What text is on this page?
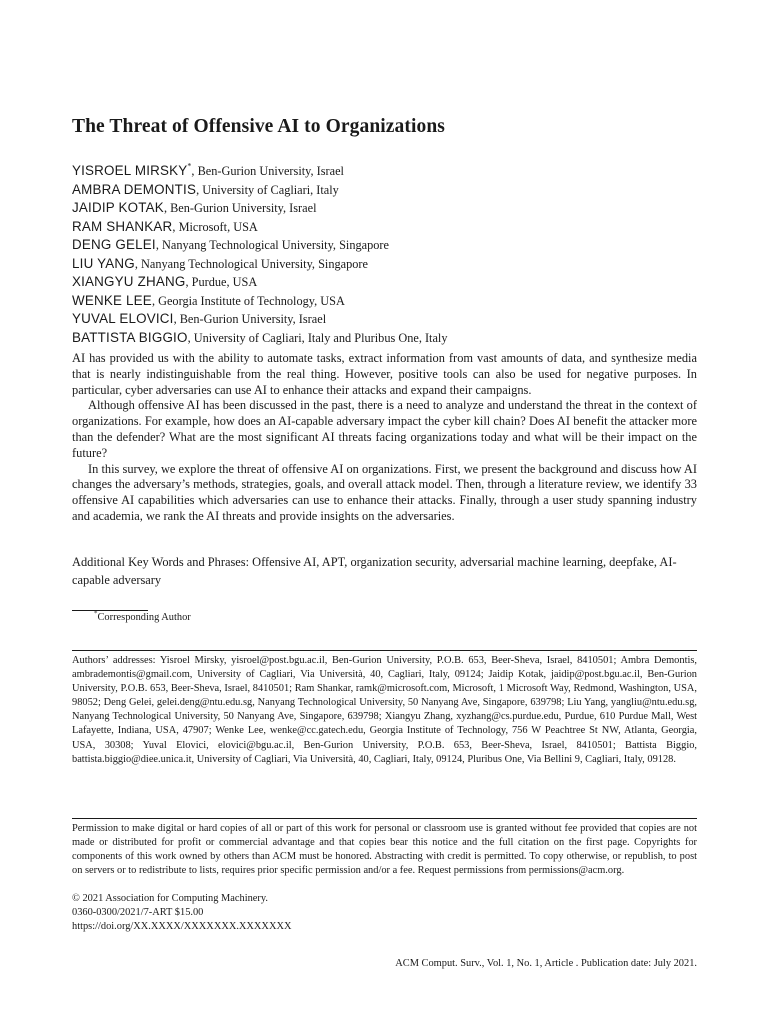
The Threat of Offensive AI to Organizations
YISROEL MIRSKY*, Ben-Gurion University, Israel
AMBRA DEMONTIS, University of Cagliari, Italy
JAIDIP KOTAK, Ben-Gurion University, Israel
RAM SHANKAR, Microsoft, USA
DENG GELEI, Nanyang Technological University, Singapore
LIU YANG, Nanyang Technological University, Singapore
XIANGYU ZHANG, Purdue, USA
WENKE LEE, Georgia Institute of Technology, USA
YUVAL ELOVICI, Ben-Gurion University, Israel
BATTISTA BIGGIO, University of Cagliari, Italy and Pluribus One, Italy

AI has provided us with the ability to automate tasks, extract information from vast amounts of data, and synthesize media that is nearly indistinguishable from the real thing. However, positive tools can also be used for negative purposes. In particular, cyber adversaries can use AI to enhance their attacks and expand their campaigns.

Although offensive AI has been discussed in the past, there is a need to analyze and understand the threat in the context of organizations. For example, how does an AI-capable adversary impact the cyber kill chain? Does AI benefit the attacker more than the defender? What are the most significant AI threats facing organizations today and what will be their impact on the future?

In this survey, we explore the threat of offensive AI on organizations. First, we present the background and discuss how AI changes the adversary’s methods, strategies, goals, and overall attack model. Then, through a literature review, we identify 33 offensive AI capabilities which adversaries can use to enhance their attacks. Finally, through a user study spanning industry and academia, we rank the AI threats and provide insights on the adversaries.

Additional Key Words and Phrases: Offensive AI, APT, organization security, adversarial machine learning, deepfake, AI-capable adversary
*Corresponding Author
Authors’ addresses: Yisroel Mirsky, yisroel@post.bgu.ac.il, Ben-Gurion University, P.O.B. 653, Beer-Sheva, Israel, 8410501; Ambra Demontis, ambrademontis@gmail.com, University of Cagliari, Via Università, 40, Cagliari, Italy, 09124; Jaidip Kotak, jaidip@post.bgu.ac.il, Ben-Gurion University, P.O.B. 653, Beer-Sheva, Israel, 8410501; Ram Shankar, ramk@microsoft.com, Microsoft, 1 Microsoft Way, Redmond, Washington, USA, 98052; Deng Gelei, gelei.deng@ntu.edu.sg, Nanyang Technological University, 50 Nanyang Ave, Singapore, 639798; Liu Yang, yangliu@ntu.edu.sg, Nanyang Technological University, 50 Nanyang Ave, Singapore, 639798; Xiangyu Zhang, xyzhang@cs.purdue.edu, Purdue, 610 Purdue Mall, West Lafayette, Indiana, USA, 47907; Wenke Lee, wenke@cc.gatech.edu, Georgia Institute of Technology, 756 W Peachtree St NW, Atlanta, Georgia, USA, 30308; Yuval Elovici, elovici@bgu.ac.il, Ben-Gurion University, P.O.B. 653, Beer-Sheva, Israel, 8410501; Battista Biggio, battista.biggio@diee.unica.it, University of Cagliari, Via Università, 40, Cagliari, Italy, 09124, Pluribus One, Via Bellini 9, Cagliari, Italy, 09128.
Permission to make digital or hard copies of all or part of this work for personal or classroom use is granted without fee provided that copies are not made or distributed for profit or commercial advantage and that copies bear this notice and the full citation on the first page. Copyrights for components of this work owned by others than ACM must be honored. Abstracting with credit is permitted. To copy otherwise, or republish, to post on servers or to redistribute to lists, requires prior specific permission and/or a fee. Request permissions from permissions@acm.org.
© 2021 Association for Computing Machinery.
0360-0300/2021/7-ART $15.00
https://doi.org/XX.XXXX/XXXXXXX.XXXXXXX
ACM Comput. Surv., Vol. 1, No. 1, Article . Publication date: July 2021.
